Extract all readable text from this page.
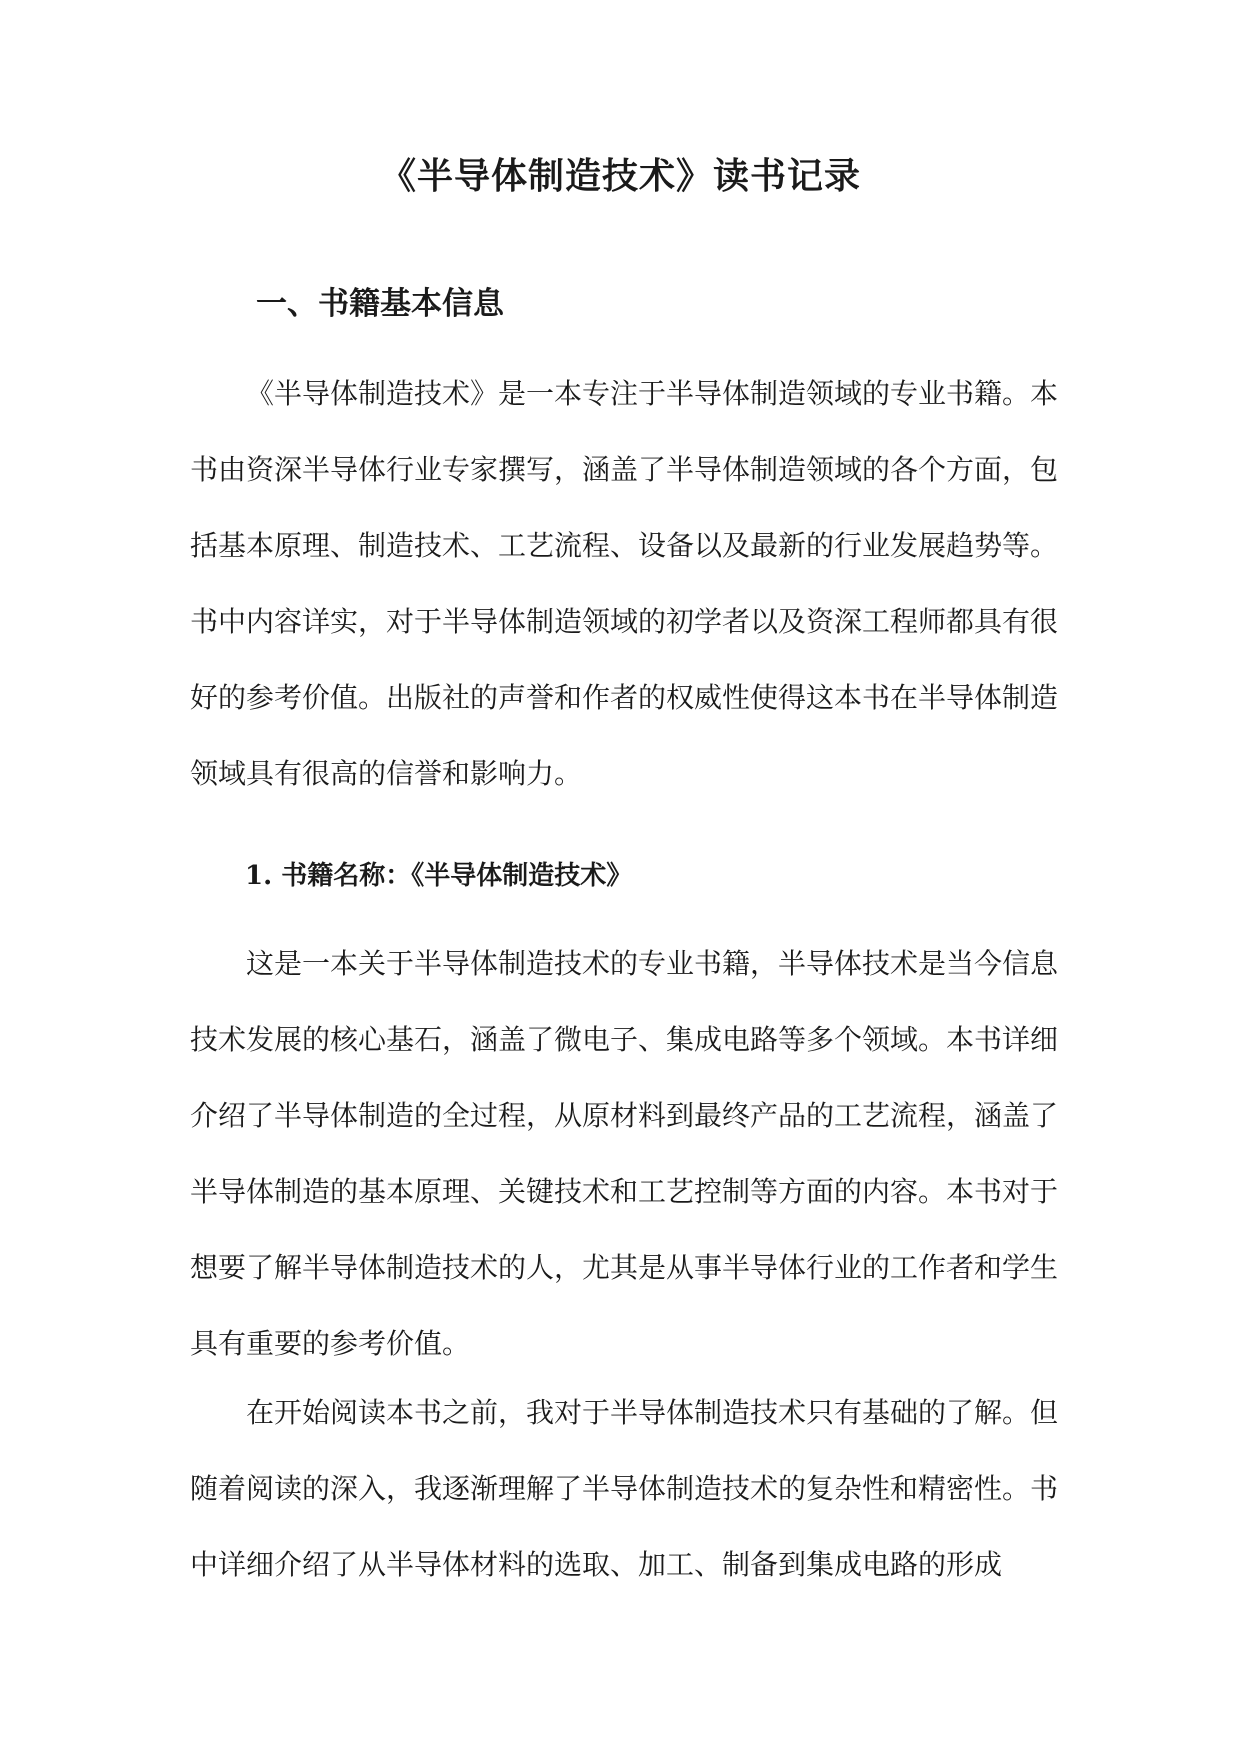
《半导体制造技术》读书记录
一、书籍基本信息

《半导体制造技术》是一本专注于半导体制造领域的专业书籍。本书由资深半导体行业专家撰写，涵盖了半导体制造领域的各个方面，包括基本原理、制造技术、工艺流程、设备以及最新的行业发展趋势等。书中内容详实，对于半导体制造领域的初学者以及资深工程师都具有很好的参考价值。出版社的声誉和作者的权威性使得这本书在半导体制造领域具有很高的信誉和影响力。

1. 书籍名称：《半导体制造技术》

这是一本关于半导体制造技术的专业书籍，半导体技术是当今信息技术发展的核心基石，涵盖了微电子、集成电路等多个领域。本书详细介绍了半导体制造的全过程，从原材料到最终产品的工艺流程，涵盖了半导体制造的基本原理、关键技术和工艺控制等方面的内容。本书对于想要了解半导体制造技术的人，尤其是从事半导体行业的工作者和学生具有重要的参考价值。

在开始阅读本书之前，我对于半导体制造技术只有基础的了解。但随着阅读的深入，我逐渐理解了半导体制造技术的复杂性和精密性。书中详细介绍了从半导体材料的选取、加工、制备到集成电路的形成
